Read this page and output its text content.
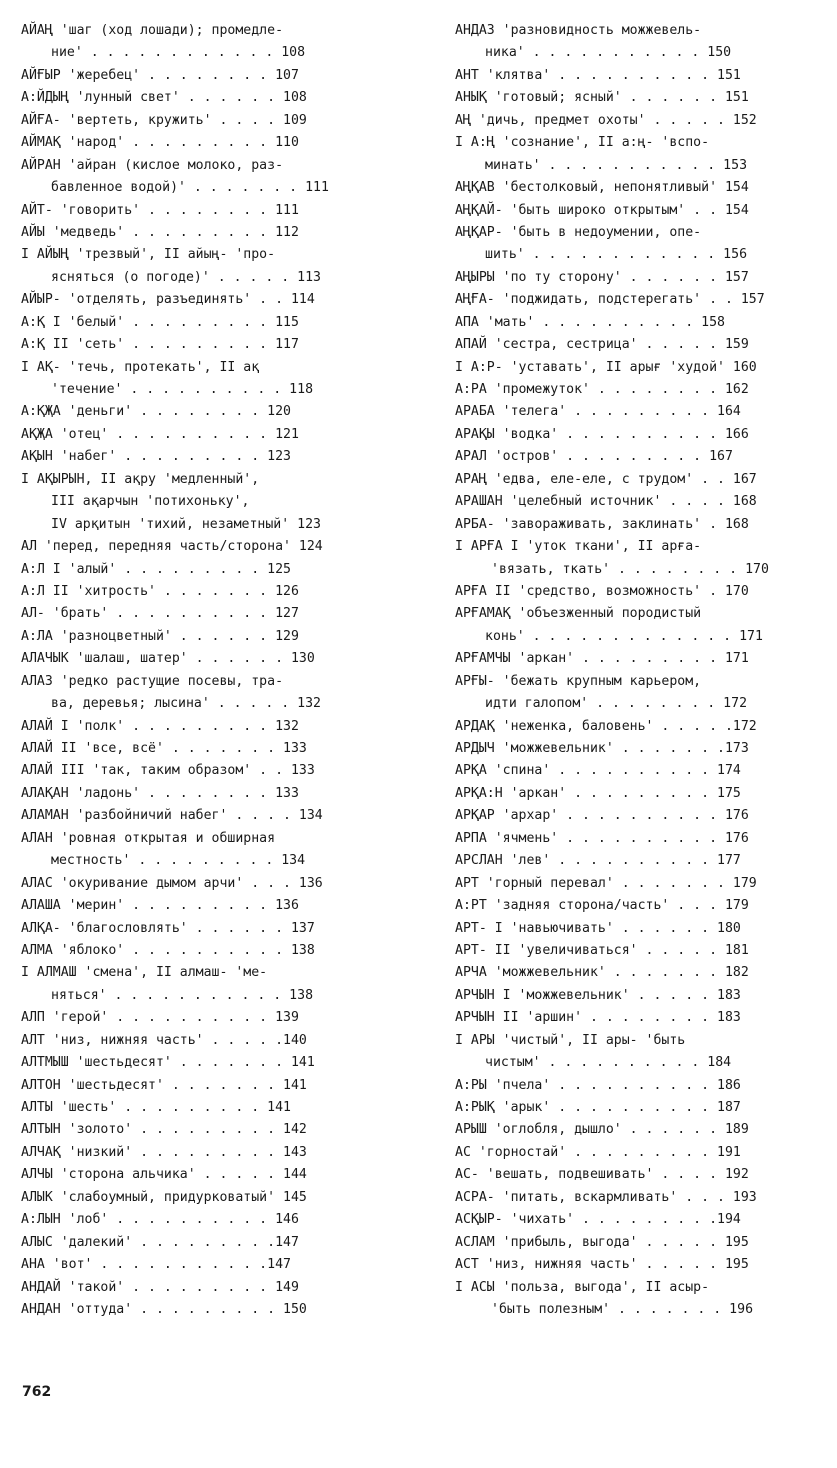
АЙАҢ 'шаг (ход лошади); промедле-
ние' . . . . . . . . . . . . 108
АЙҒЫР 'жеребец' . . . . . . . . 107
А:ЙДЫҢ 'лунный свет' . . . . . . 108
АЙҒА- 'вертеть, кружить' . . . . 109
АЙМАҚ 'народ' . . . . . . . . . 110
АЙРАН 'айран (кислое молоко, раз-
бавленное водой)' . . . . . . . 111
АЙТ- 'говорить' . . . . . . . . 111
АЙЫ 'медведь' . . . . . . . . . 112
I АЙЫҢ 'трезвый', II айың- 'про-
ясняться (о погоде)' . . . . . 113
АЙЫР- 'отделять, разъединять' . . 114
А:Қ I 'белый' . . . . . . . . . 115
А:Қ II 'сеть' . . . . . . . . . 117
I АҚ- 'течь, протекать', II ақ
'течение' . . . . . . . . . . 118
А:ҚҖА 'деньги' . . . . . . . . 120
АҚҖА 'отец' . . . . . . . . . . 121
АҚЫН 'набег' . . . . . . . . . 123
I АҚЫРЫН, II ақру 'медленный',
III ақарчын 'потихоньку',
IV арқитын 'тихий, незаметный' 123
АЛ 'перед, передняя часть/сторона' 124
А:Л I 'алый' . . . . . . . . . 125
А:Л II 'хитрость' . . . . . . . 126
АЛ- 'брать' . . . . . . . . . . 127
А:ЛА 'разноцветный' . . . . . . 129
АЛАЧЫК 'шалаш, шатер' . . . . . . 130
АЛАЗ 'редко растущие посевы, тра-
ва, деревья; лысина' . . . . . 132
АЛАЙ I 'полк' . . . . . . . . . 132
АЛАЙ II 'все, всё' . . . . . . . 133
АЛАЙ III 'так, таким образом' . . 133
АЛАҚАН 'ладонь' . . . . . . . . 133
АЛАМАН 'разбойничий набег' . . . . 134
АЛАН 'ровная открытая и обширная
местность' . . . . . . . . . 134
АЛАС 'окуривание дымом арчи' . . . 136
АЛАША 'мерин' . . . . . . . . . 136
АЛҚА- 'благословлять' . . . . . . 137
АЛМА 'яблоко' . . . . . . . . . . 138
I АЛМАШ 'смена', II алмаш- 'ме-
няться' . . . . . . . . . . . 138
АЛП 'герой' . . . . . . . . . . 139
АЛТ 'низ, нижняя часть' . . . . .140
АЛТМЫШ 'шестьдесят' . . . . . . . 141
АЛТОН 'шестьдесят' . . . . . . . 141
АЛТЫ 'шесть' . . . . . . . . . 141
АЛТЫН 'золото' . . . . . . . . . 142
АЛЧАҚ 'низкий' . . . . . . . . . 143
АЛЧЫ 'сторона альчика' . . . . . 144
АЛЫК 'слабоумный, придурковатый' 145
А:ЛЫН 'лоб' . . . . . . . . . . 146
АЛЫС 'далекий' . . . . . . . . .147
АНА 'вот' . . . . . . . . . . .147
АНДАЙ 'такой' . . . . . . . . . 149
АНДАН 'оттуда' . . . . . . . . . 150
АНДАЗ 'разновидность можжевель-
ника' . . . . . . . . . . . 150
АНТ 'клятва' . . . . . . . . . . 151
АНЫҚ 'готовый; ясный' . . . . . . 151
АҢ 'дичь, предмет охоты' . . . . . 152
I А:Ң 'сознание', II а:ң- 'вспо-
минать' . . . . . . . . . . . 153
АҢҚАВ 'бестолковый, непонятливый' 154
АҢҚАЙ- 'быть широко открытым' . . 154
АҢҚАР- 'быть в недоумении, опе-
шить' . . . . . . . . . . . . 156
АҢЫРЫ 'по ту сторону' . . . . . . 157
АҢҒА- 'поджидать, подстерегать' . . 157
АПА 'мать' . . . . . . . . . . 158
АПАЙ 'сестра, сестрица' . . . . . 159
I А:Р- 'уставать', II арығ 'худой' 160
А:РА 'промежуток' . . . . . . . . 162
АРАБА 'телега' . . . . . . . . . 164
АРАҚЫ 'водка' . . . . . . . . . . 166
АРАЛ 'остров' . . . . . . . . . 167
АРАҢ 'едва, еле-еле, с трудом' . . 167
АРАШАН 'целебный источник' . . . . 168
АРБА- 'завораживать, заклинать' . 168
I АРҒА I 'уток ткани', II арға-
'вязать, ткать' . . . . . . . . 170
АРҒА II 'средство, возможность' . 170
АРҒАМАҚ 'объезженный породистый
конь' . . . . . . . . . . . . . 171
АРҒАМЧЫ 'аркан' . . . . . . . . . 171
АРҒЫ- 'бежать крупным карьером,
идти галопом' . . . . . . . . 172
АРДАҚ 'неженка, баловень' . . . . .172
АРДЫЧ 'можжевельник' . . . . . . .173
АРҚА 'спина' . . . . . . . . . . 174
АРҚА:Н 'аркан' . . . . . . . . . 175
АРҚАР 'архар' . . . . . . . . . . 176
АРПА 'ячмень' . . . . . . . . . . 176
АРСЛАН 'лев' . . . . . . . . . . 177
АРТ 'горный перевал' . . . . . . . 179
А:РТ 'задняя сторона/часть' . . . 179
АРТ- I 'навьючивать' . . . . . . 180
АРТ- II 'увеличиваться' . . . . . 181
АРЧА 'можжевельник' . . . . . . . 182
АРЧЫН I 'можжевельник' . . . . . 183
АРЧЫН II 'аршин' . . . . . . . . 183
I АРЫ 'чистый', II ары- 'быть
чистым' . . . . . . . . . . 184
А:РЫ 'пчела' . . . . . . . . . . 186
А:РЫҚ 'арык' . . . . . . . . . . 187
АРЫШ 'оглобля, дышло' . . . . . . 189
АС 'горностай' . . . . . . . . . 191
АС- 'вешать, подвешивать' . . . . 192
АСРА- 'питать, вскармливать' . . . 193
АСҚЫР- 'чихать' . . . . . . . . .194
АСЛАМ 'прибыль, выгода' . . . . . 195
АСТ 'низ, нижняя часть' . . . . . 195
I АСЫ 'польза, выгода', II асыр-
'быть полезным' . . . . . . . 196
762
